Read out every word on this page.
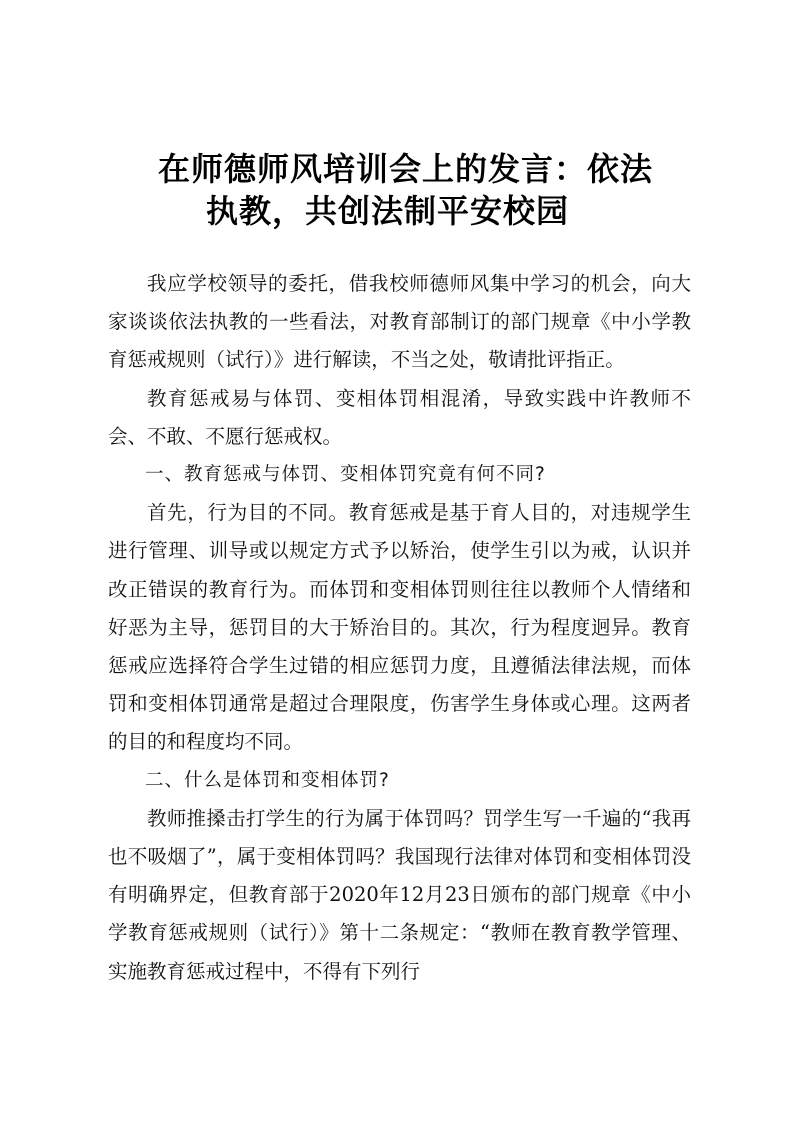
在师德师风培训会上的发言：依法
执教，共创法制平安校园

我应学校领导的委托，借我校师德师风集中学习的机会，向大家谈谈依法执教的一些看法，对教育部制订的部门规章《中小学教育惩戒规则（试行）》进行解读，不当之处，敬请批评指正。

教育惩戒易与体罚、变相体罚相混淆，导致实践中许教师不会、不敢、不愿行惩戒权。

一、教育惩戒与体罚、变相体罚究竟有何不同?

首先，行为目的不同。教育惩戒是基于育人目的，对违规学生进行管理、训导或以规定方式予以矫治，使学生引以为戒，认识并改正错误的教育行为。而体罚和变相体罚则往往以教师个人情绪和好恶为主导，惩罚目的大于矫治目的。其次，行为程度迥异。教育惩戒应选择符合学生过错的相应惩罚力度，且遵循法律法规，而体罚和变相体罚通常是超过合理限度，伤害学生身体或心理。这两者的目的和程度均不同。

二、什么是体罚和变相体罚?

教师推搡击打学生的行为属于体罚吗？罚学生写一千遍的“我再也不吸烟了”，属于变相体罚吗？我国现行法律对体罚和变相体罚没有明确界定，但教育部于2020年12月23日颁布的部门规章《中小学教育惩戒规则（试行）》第十二条规定：“教师在教育教学管理、实施教育惩戒过程中，不得有下列行
